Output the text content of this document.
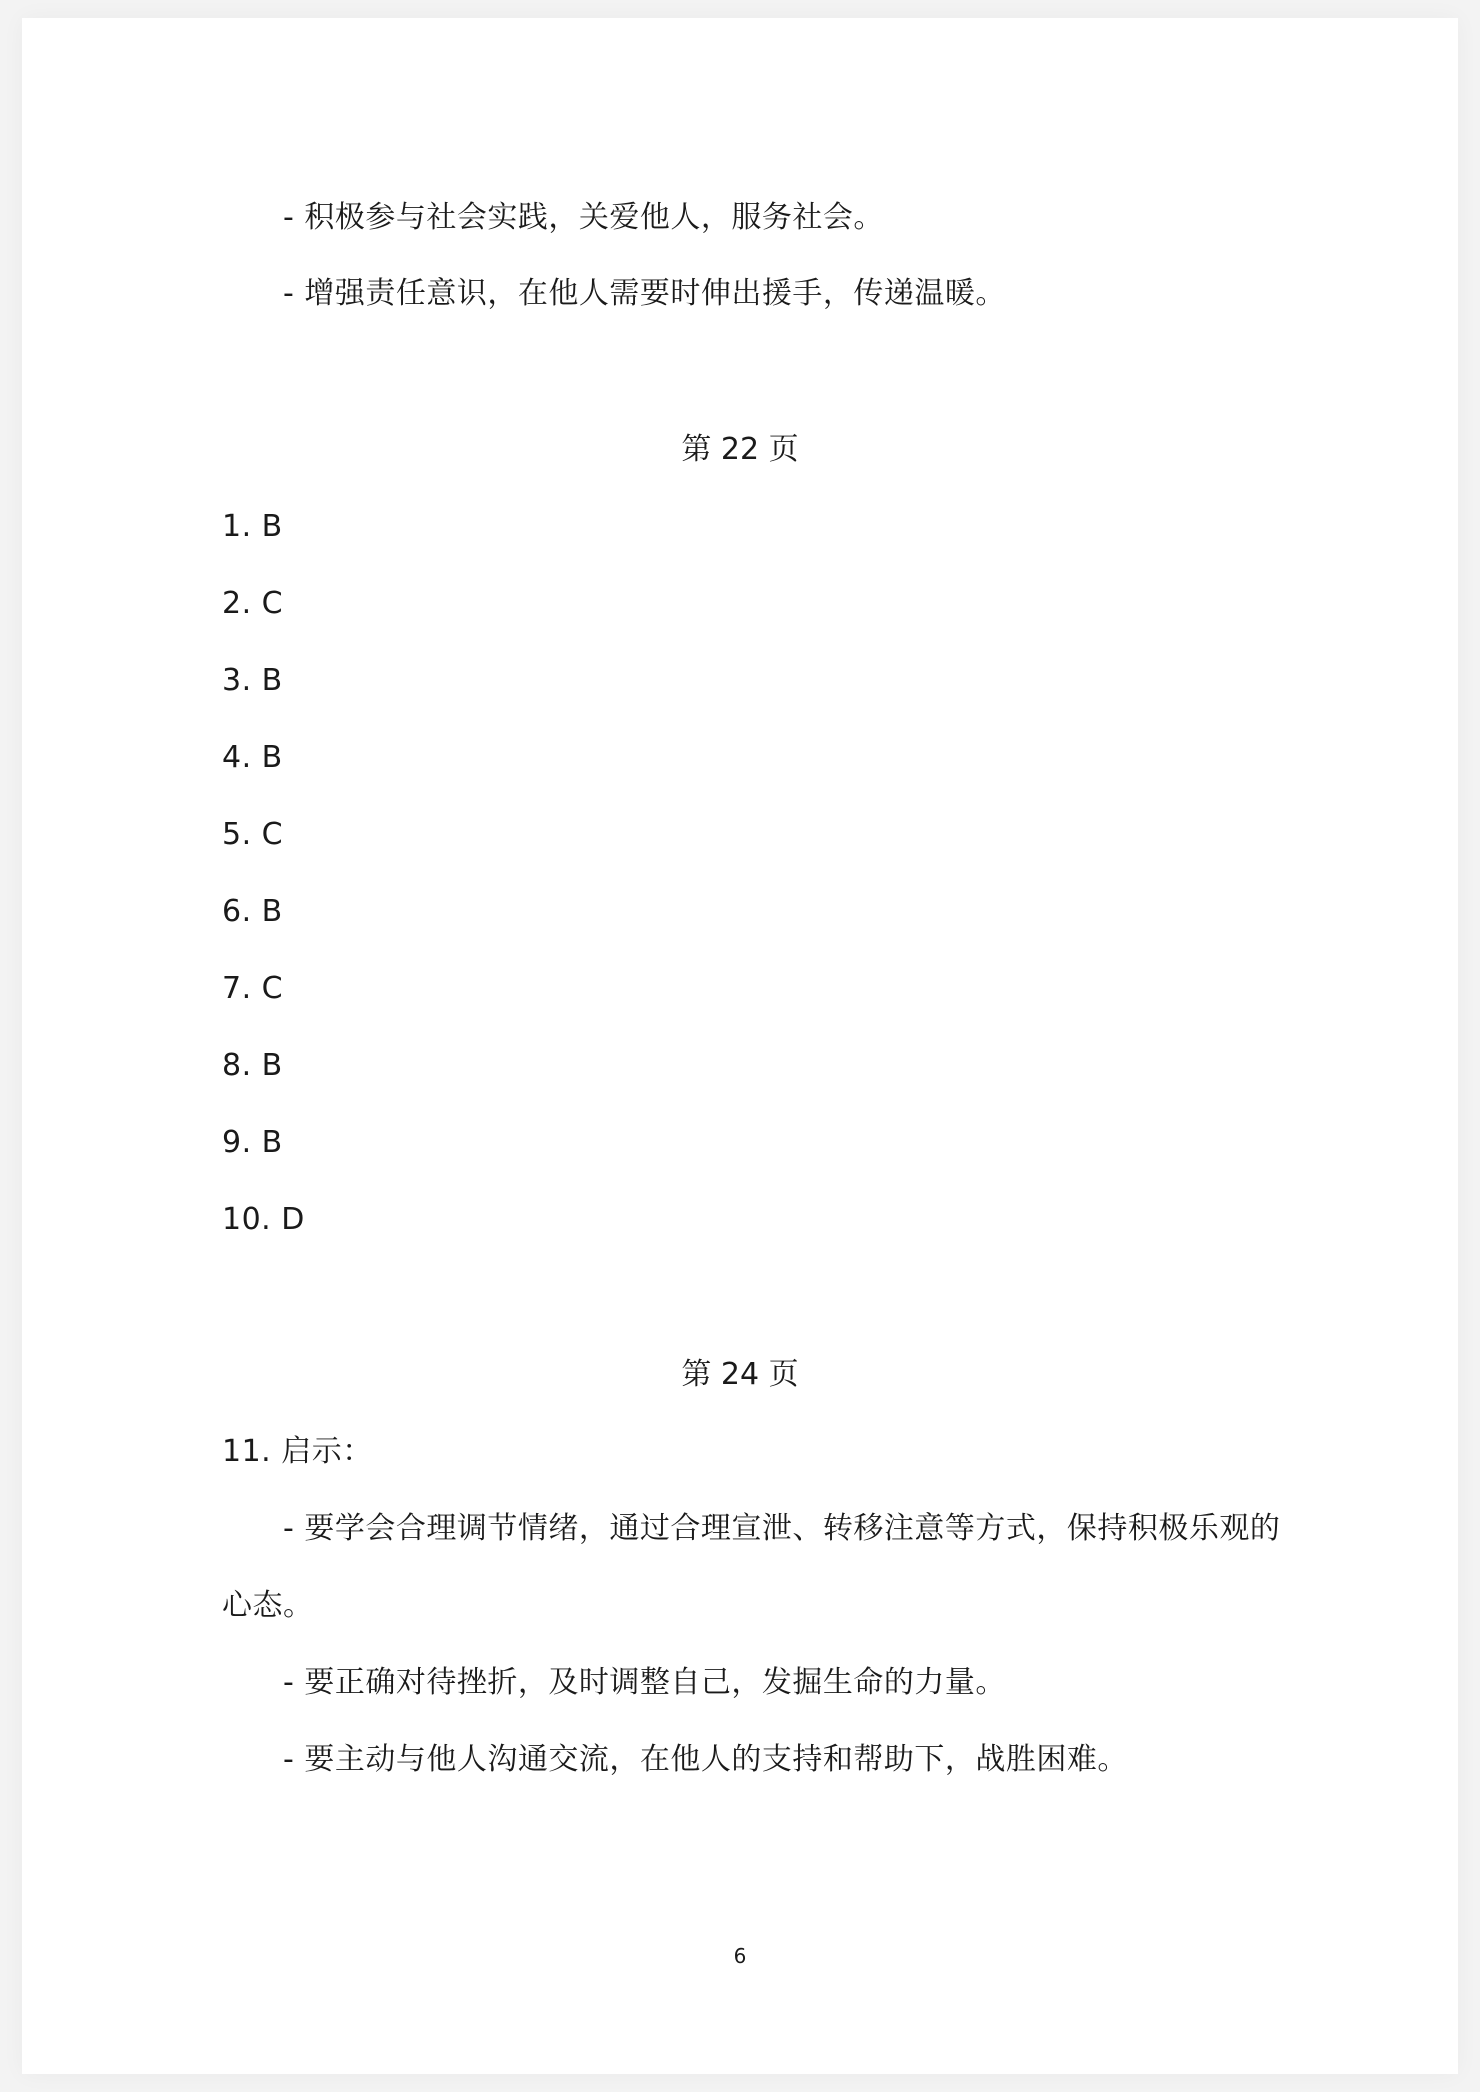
- 积极参与社会实践，关爱他人，服务社会。
- 增强责任意识，在他人需要时伸出援手，传递温暖。
第 22 页
1. B
2. C
3. B
4. B
5. C
6. B
7. C
8. B
9. B
10. D
第 24 页
11. 启示：
- 要学会合理调节情绪，通过合理宣泄、转移注意等方式，保持积极乐观的
心态。
- 要正确对待挫折，及时调整自己，发掘生命的力量。
- 要主动与他人沟通交流，在他人的支持和帮助下，战胜困难。
6
